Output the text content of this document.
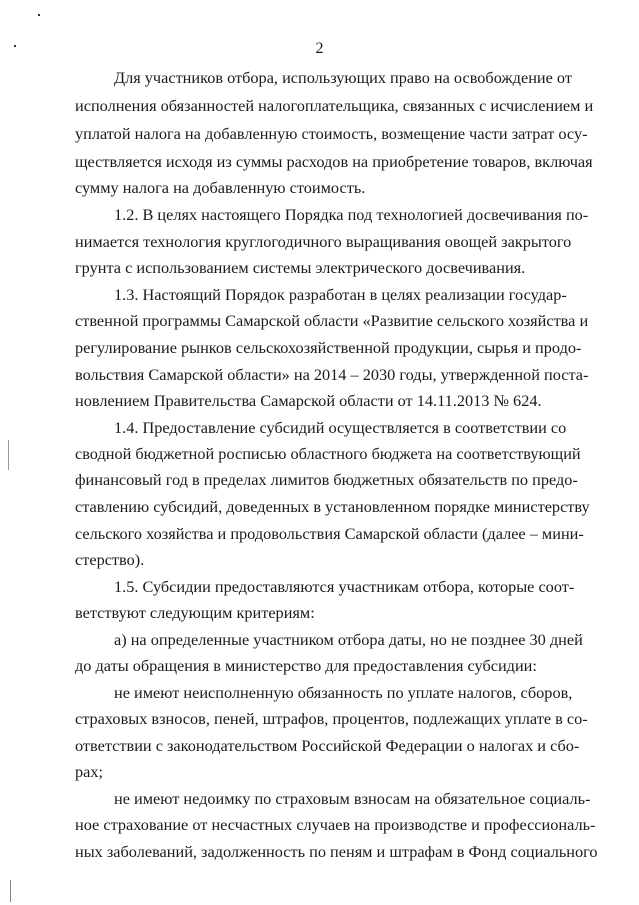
2
Для участников отбора, использующих право на освобождение от
исполнения обязанностей налогоплательщика, связанных с исчислением и
уплатой налога на добавленную стоимость, возмещение части затрат осу-
ществляется исходя из суммы расходов на приобретение товаров, включая
сумму налога на добавленную стоимость.
1.2. В целях настоящего Порядка под технологией досвечивания по-
нимается технология круглогодичного выращивания овощей закрытого
грунта с использованием системы электрического досвечивания.
1.3. Настоящий Порядок разработан в целях реализации государ-
ственной программы Самарской области «Развитие сельского хозяйства и
регулирование рынков сельскохозяйственной продукции, сырья и продо-
вольствия Самарской области» на 2014 – 2030 годы, утвержденной поста-
новлением Правительства Самарской области от 14.11.2013 № 624.
1.4. Предоставление субсидий осуществляется в соответствии со
сводной бюджетной росписью областного бюджета на соответствующий
финансовый год в пределах лимитов бюджетных обязательств по предо-
ставлению субсидий, доведенных в установленном порядке министерству
сельского хозяйства и продовольствия Самарской области (далее – мини-
стерство).
1.5. Субсидии предоставляются участникам отбора, которые соот-
ветствуют следующим критериям:
а) на определенные участником отбора даты, но не позднее 30 дней
до даты обращения в министерство для предоставления субсидии:
не имеют неисполненную обязанность по уплате налогов, сборов,
страховых взносов, пеней, штрафов, процентов, подлежащих уплате в со-
ответствии с законодательством Российской Федерации о налогах и сбо-
рах;
не имеют недоимку по страховым взносам на обязательное социаль-
ное страхование от несчастных случаев на производстве и профессиональ-
ных заболеваний, задолженность по пеням и штрафам в Фонд социального
